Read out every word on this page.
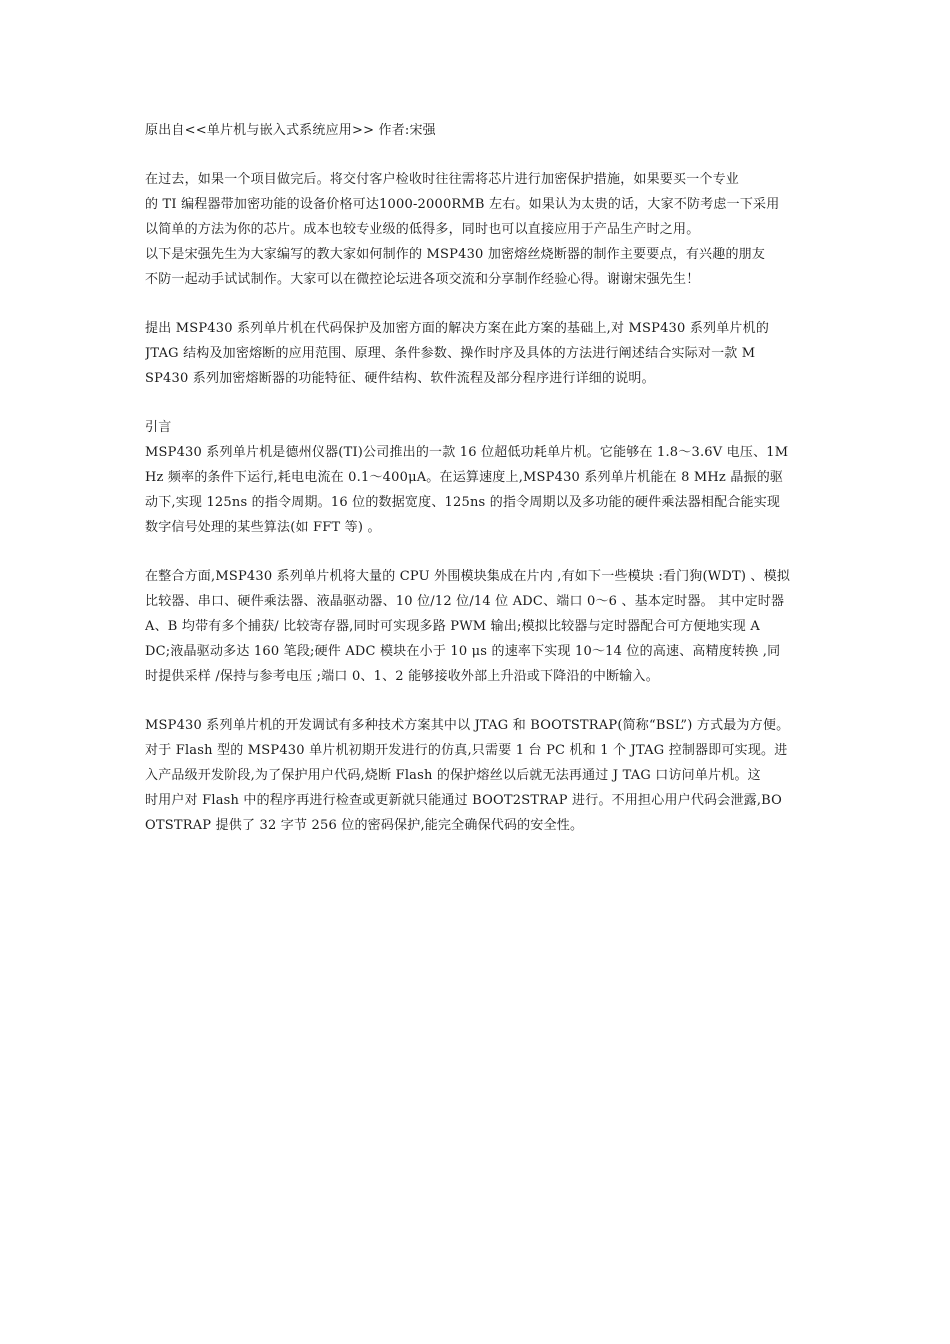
原出自<<单片机与嵌入式系统应用>> 作者:宋强
在过去，如果一个项目做完后。将交付客户检收时往往需将芯片进行加密保护措施，如果要买一个专业
的 TI 编程器带加密功能的设备价格可达1000-2000RMB 左右。如果认为太贵的话，大家不防考虑一下采用
以简单的方法为你的芯片。成本也较专业级的低得多，同时也可以直接应用于产品生产时之用。
以下是宋强先生为大家编写的教大家如何制作的 MSP430 加密熔丝烧断器的制作主要要点，有兴趣的朋友
不防一起动手试试制作。大家可以在微控论坛进各项交流和分享制作经验心得。谢谢宋强先生！
提出 MSP430 系列单片机在代码保护及加密方面的解决方案在此方案的基础上,对 MSP430 系列单片机的
JTAG 结构及加密熔断的应用范围、原理、条件参数、操作时序及具体的方法进行阐述结合实际对一款 M
SP430 系列加密熔断器的功能特征、硬件结构、软件流程及部分程序进行详细的说明。
引言
MSP430 系列单片机是德州仪器(TI)公司推出的一款 16 位超低功耗单片机。它能够在 1.8～3.6V 电压、1M
Hz 频率的条件下运行,耗电电流在 0.1～400μA。在运算速度上,MSP430 系列单片机能在 8 MHz 晶振的驱
动下,实现 125ns 的指令周期。16 位的数据宽度、125ns 的指令周期以及多功能的硬件乘法器相配合能实现
数字信号处理的某些算法(如 FFT 等) 。
在整合方面,MSP430 系列单片机将大量的 CPU 外围模块集成在片内 ,有如下一些模块 :看门狗(WDT) 、模拟
比较器、串口、硬件乘法器、液晶驱动器、10 位/12 位/14 位 ADC、端口 0～6 、基本定时器。 其中定时器
A、B 均带有多个捕获/ 比较寄存器,同时可实现多路 PWM 输出;模拟比较器与定时器配合可方便地实现 A
DC;液晶驱动多达 160 笔段;硬件 ADC 模块在小于 10 μs 的速率下实现 10～14 位的高速、高精度转换 ,同
时提供采样 /保持与参考电压 ;端口 0、1、2 能够接收外部上升沿或下降沿的中断输入。
MSP430 系列单片机的开发调试有多种技术方案其中以 JTAG 和 BOOTSTRAP(简称“BSL”) 方式最为方便。
对于 Flash 型的 MSP430 单片机初期开发进行的仿真,只需要 1 台 PC 机和 1 个 JTAG 控制器即可实现。进
入产品级开发阶段,为了保护用户代码,烧断 Flash 的保护熔丝以后就无法再通过 J TAG 口访问单片机。这
时用户对 Flash 中的程序再进行检查或更新就只能通过 BOOT2STRAP 进行。不用担心用户代码会泄露,BO
OTSTRAP 提供了 32 字节 256 位的密码保护,能完全确保代码的安全性。
